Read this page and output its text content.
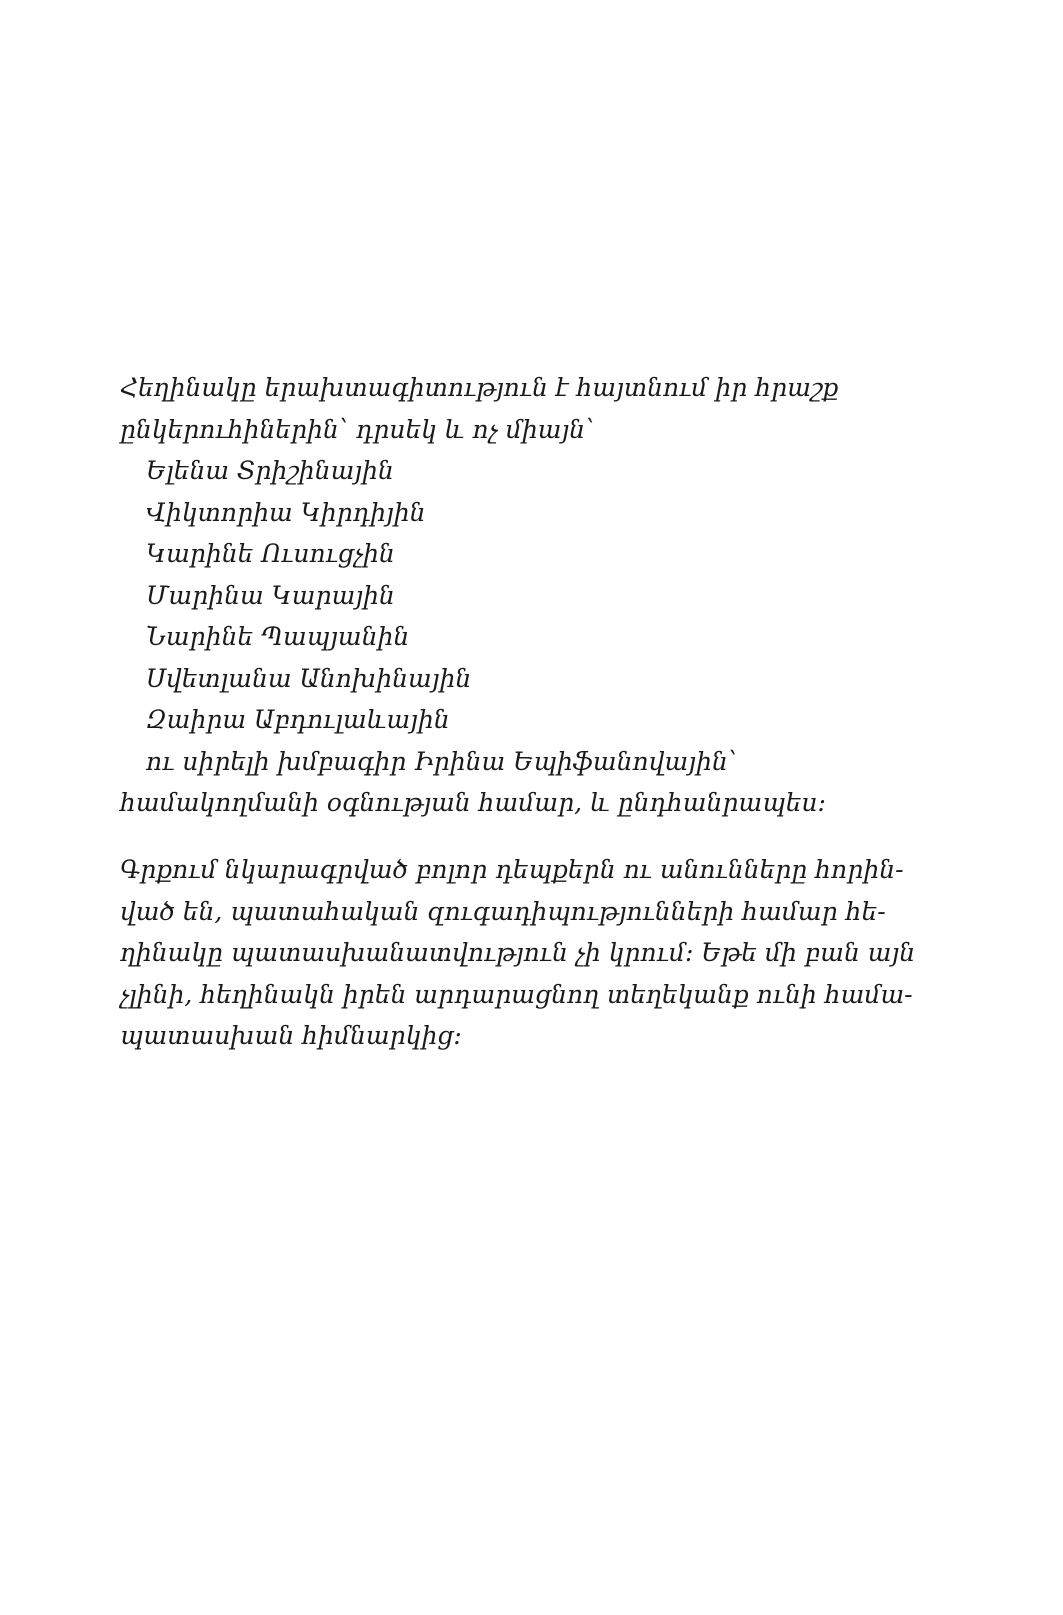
Հեղինակը երախտագիտություն է հայտնում իր հրաշք
ընկերուհիներին՝ դրսեկ և ոչ միայն՝
Ելենա Տրիշինային
Վիկտորիա Կիրդիյին
Կարինե Ուսուցչին
Մարինա Կարային
Նարինե Պապյանին
Սվետլանա Անոխինային
Զաիրա Աբդուլաևային
ու սիրելի խմբագիր Իրինա Եպիֆանովային՝
համակողմանի օգնության համար, և ընդհանրապես:
Գրքում նկարագրված բոլոր դեպքերն ու անունները հորին-
ված են, պատահական զուգադիպությունների համար հե-
ղինակը պատասխանատվություն չի կրում: Եթե մի բան այն
չլինի, հեղինակն իրեն արդարացնող տեղեկանք ունի համա-
պատասխան հիմնարկից:
